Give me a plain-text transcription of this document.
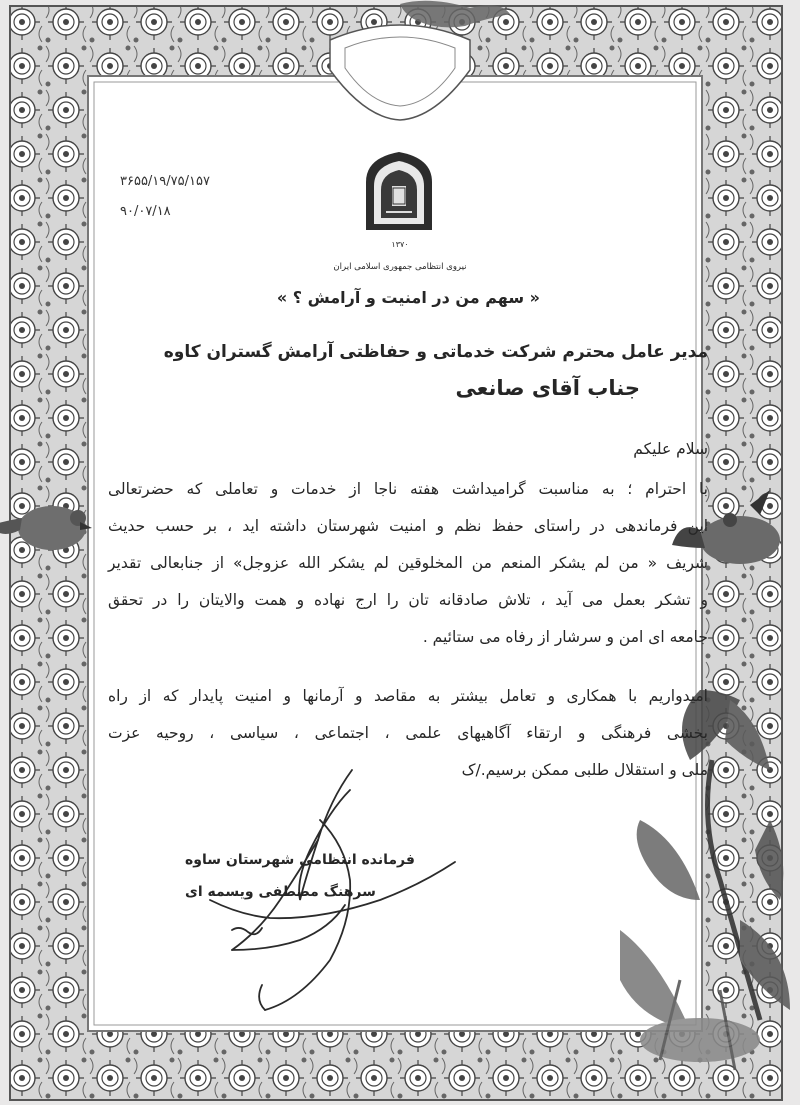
۳۶۵۵/۱۹/۷۵/۱۵۷
۹۰/۰۷/۱۸
۱۳۷۰
نیروی انتظامی جمهوری اسلامی ایران
« سهم من در امنیت و آرامش ؟ »
مدیر عامل محترم شرکت خدماتی و حفاظتی آرامش گستران کاوه
جناب آقای صانعی
سلام علیکم
با احترام ؛ به مناسبت گرامیداشت هفته ناجا از خدمات و تعاملی که حضرتعالی
این فرماندهی در راستای حفظ نظم و امنیت شهرستان داشته اید ، بر حسب حدیث
شریف « من لم یشکر المنعم من المخلوقین لم یشکر الله عزوجل» از جنابعالی تقدیر
و تشکر بعمل می آید ، تلاش صادقانه تان را ارج نهاده و همت والایتان را در تحقق
جامعه ای امن و سرشار از رفاه می ستائیم .
امیدواریم با همکاری و تعامل بیشتر به مقاصد و آرمانها و امنیت پایدار که از راه
بخشی فرهنگی و ارتقاء آگاهیهای علمی ، اجتماعی ، سیاسی ، روحیه عزت
ملی و استقلال طلبی ممکن برسیم./ک
فرمانده انتظامی شهرستان ساوه
سرهنگ مصطفی ویسمه ای
